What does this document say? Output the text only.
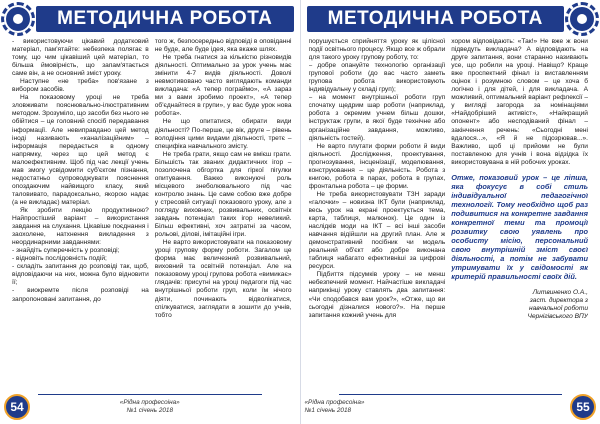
МЕТОДИЧНА РОБОТА

- використовуючи цікавий додатковий матеріал, пам'ятайте: небезпека полягає в тому, що чим цікавіший цей матеріал, то більша ймовірність, що запам'ятається саме він, а не основний зміст уроку.

Наступне «не треба» пов'язане з вибором засобів.

На показовому уроці не треба зловживати пояснювально-ілюстративним методом. Зрозуміло, що засоби без нього не обійтися – це головний спосіб передавання інформації. Але невиправдано цей метод іноді називають «каналізаційним» – інформація передається в одному напрямку, через що цей метод є малоефективним. Щоб під час лекції учень мав змогу усвідомити суб'єктом пізнання, недостатньо супроводжувати пояснення опоздаючим найвищого класу, який таловивато, парадоксально, якорою надає (а не викладає) матеріал.

Як зробити лекцію продуктивною? Найпростіший варіант – використання завдання на слухання. Цікавіше поєднання і заохолене, натхнення викладення з неординарними завданнями:

- знайдіть суперечність у розповіді;

- відновіть послідовність подій;

- складіть запитання до розповіді так, щоб, відповідаючи на них, можна було відновити її;

- виокремте після розповіді на запропоновані запитання, до

того ж, безпосередньо відповіді в оповіданні не буде, але буде ідея, яка вкаже шлях.

Не треба гнатися за кількістю різновидів діяльності. Оптимально за урок учень має змінити 4-7 видів діяльності. Доволі невмотивовано часто виглядають команди викладача: «А тепер пограймо», «А зараз ми з вами зробимо проект», «А тепер об'єднайтеся в групи», у вас буде урок нова робота».

Не що опитатися, обирати види діяльності? По-перше, це вік, друге – рівень володіння цими видами діяльності, третє – специфіка навчального змісту.

Не треба грати, якщо сам не вмієш грати. Більшість так званих дидактичних ігор – позолочена обгортка для гіркої пігулки опитування. Важко виконуючі роль місцевого знеболювального під час контролю знань. Це саме собою вже добре у стресовій ситуації показового уроку, але з погляду виховних, розвивальних, освітніх завдань потенціал таких ігор невеликий. Більш ефективні, хоч затратні за часом, рольові, ділові, імітаційні ігри.

Не варто використовувати на показовому уроці групову форму роботи. Загалом це форма має величезний розвивальний, виховний та освітній потенціал. Але на показовому уроці групова робота «вимикає» глядачів: присутні на уроці педагоги під час внутрішньої роботи груп, коли їм нічого діяти, починають відволікатися, спілкуватися, заглядати в зошити до учнів, тобто

54	«Рідна професоіна»
№1 січень 2018
МЕТОДИЧНА РОБОТА

порушується сприйняття уроку як цілісної події освітнього процесу. Якщо все ж обрали для такого уроку групову роботу, то:

– добре опануйте технологію організації групової роботи (до вас часто заметь групова робота використовують індивідуальну у складі груп);

– на момент внутрішньої роботи груп спочатку щедрим шар роботи (наприклад, робота з окремим учнем більш дошки, інструктаж групи, в якої буде технічне або організаційне завдання, можливо, діяльність гостей).

Не варто плутати форми роботи й види діяльності. Дослідження, проектування, прогнозування, інсценізації, моделювання, конструювання – це діяльність. Робота з книгою, робота в парах, робота в групах, фронтальна робота – це форми.

Не треба використовувати ТЗН заради «галочки» – новизна ІКТ були (наприклад, весь урок на екрані проектується тема, карта, таблиця, малюнок). Це один із наслідків моди на ІКТ – всі інші засоби навчання відійшли на другий план. Але ж демонстративний посібник чи модель реальний об'єкт або добре виконана таблиця набагато ефективніші за цифрові ресурси.

Підбиття підсумків уроку – не менш небезпечний момент. Найчастіше викладачі наприкінці уроку ставлять два запитання: «Чи сподобався вам урок?», «Отже, що ви сьогодні дізналися нового?». На перше запитання кожний учень для

хором відповідають: «Так!» Не вже ж вони підведуть викладача? А відповідають на друге запитання, вони старанно називають усе, що робили на уроці. Навіщо? Краще вже проспектний фінал із виставленням оцінок і розумною словом – це хоча б логічно і для дітей, і для викладача. А можливий, оптимальний варіант рефлексії – у вигляді загорода за номінаціями «Найдобріший активіст», «Найкращий опонент» або несподіваний фінал – закінчення речень: «Сьогодні мені вдалося...», «Я й не підозрював...». Важливо, щоб ці прийоми не були поставленою для учнів і вона відзідка їх використовувана в ній робочих уроках.

Отже, показовий урок – це ліпша, яка фокусує в собі стиль індивідуальної педагогічної технології. Тому необхідно щоб раз подивитися на конкретне завдання конкретної теми та промоції розвитку свою уявлень про особисту місію, персональний свою внутрішній зміст своєї діяльності, а потім не забувати утримувати їх у свідомості як критерій правильності своїх дій.
Литвиненко О.А.,
заст. директора з
навчальної роботи
Чернігівського ВПУ
«Рідна професоіна»
№1 січень 2018	55
